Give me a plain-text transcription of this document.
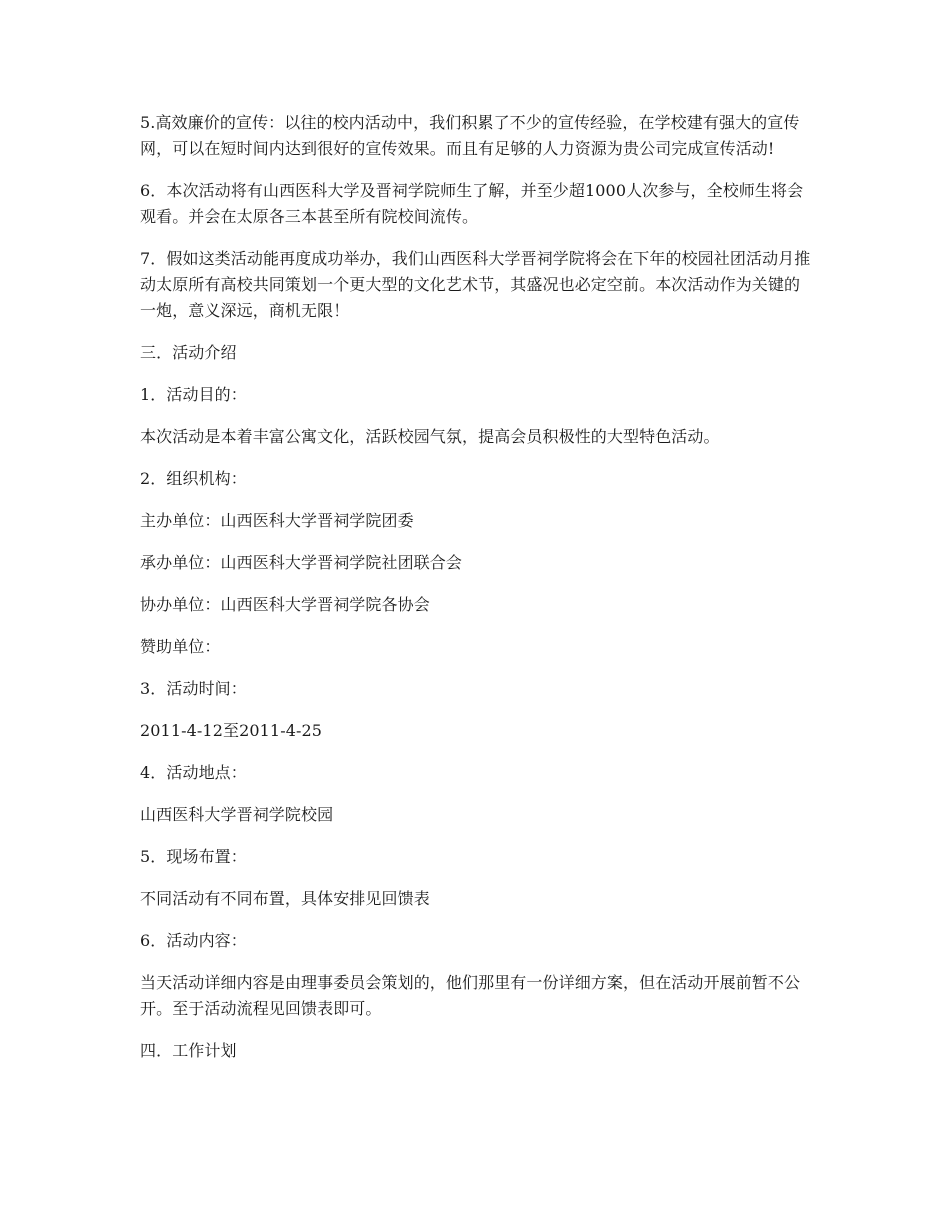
5.高效廉价的宣传：以往的校内活动中，我们积累了不少的宣传经验，在学校建有强大的宣传网，可以在短时间内达到很好的宣传效果。而且有足够的人力资源为贵公司完成宣传活动!

6．本次活动将有山西医科大学及晋祠学院师生了解，并至少超1000人次参与，全校师生将会观看。并会在太原各三本甚至所有院校间流传。

7．假如这类活动能再度成功举办，我们山西医科大学晋祠学院将会在下年的校园社团活动月推动太原所有高校共同策划一个更大型的文化艺术节，其盛况也必定空前。本次活动作为关键的一炮，意义深远，商机无限！

三．活动介绍

1．活动目的：

本次活动是本着丰富公寓文化，活跃校园气氛，提高会员积极性的大型特色活动。

2．组织机构：

主办单位：山西医科大学晋祠学院团委

承办单位：山西医科大学晋祠学院社团联合会

协办单位：山西医科大学晋祠学院各协会

赞助单位：

3．活动时间：

2011-4-12至2011-4-25

4．活动地点：

山西医科大学晋祠学院校园

5．现场布置：

不同活动有不同布置，具体安排见回馈表

6．活动内容：

当天活动详细内容是由理事委员会策划的，他们那里有一份详细方案，但在活动开展前暂不公开。至于活动流程见回馈表即可。

四．工作计划
